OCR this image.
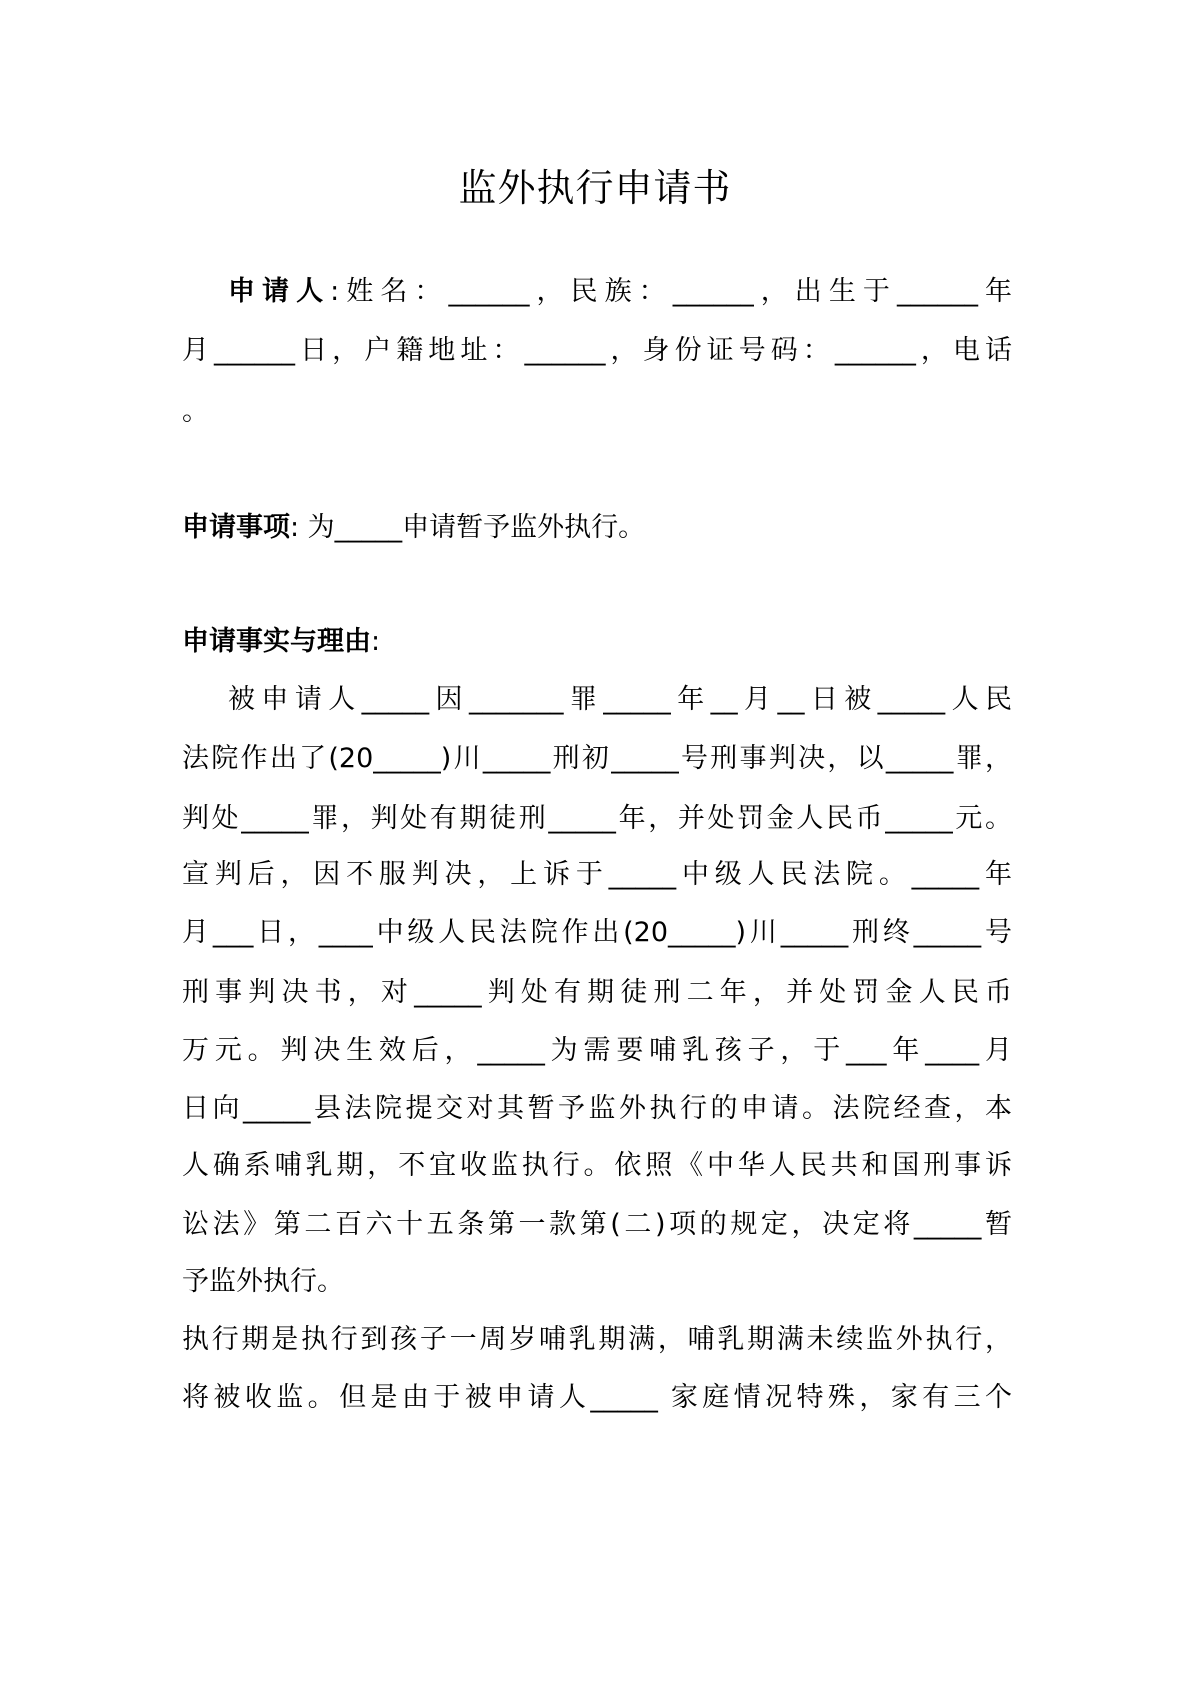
监外执行申请书
申请人:姓名：______，民族：______，出生于______年
月______日，户籍地址：______，身份证号码：______，电话
。
申请事项: 为_____申请暂予监外执行。
申请事实与理由:
被申请人_____因_______罪_____年__月__日被_____人民
法院作出了(20_____)川_____刑初_____号刑事判决，以_____罪，
判处_____罪，判处有期徒刑_____年，并处罚金人民币_____元。
宣判后，因不服判决，上诉于_____中级人民法院。_____年
月___日，____中级人民法院作出(20_____)川_____刑终_____号
刑事判决书，对_____判处有期徒刑二年，并处罚金人民币
万元。判决生效后，_____为需要哺乳孩子，于___年____月
日向_____县法院提交对其暂予监外执行的申请。法院经查，本
人确系哺乳期，不宜收监执行。依照《中华人民共和国刑事诉
讼法》第二百六十五条第一款第(二)项的规定，决定将_____暂
予监外执行。
执行期是执行到孩子一周岁哺乳期满，哺乳期满未续监外执行，
将被收监。但是由于被申请人_____ 家庭情况特殊，家有三个
